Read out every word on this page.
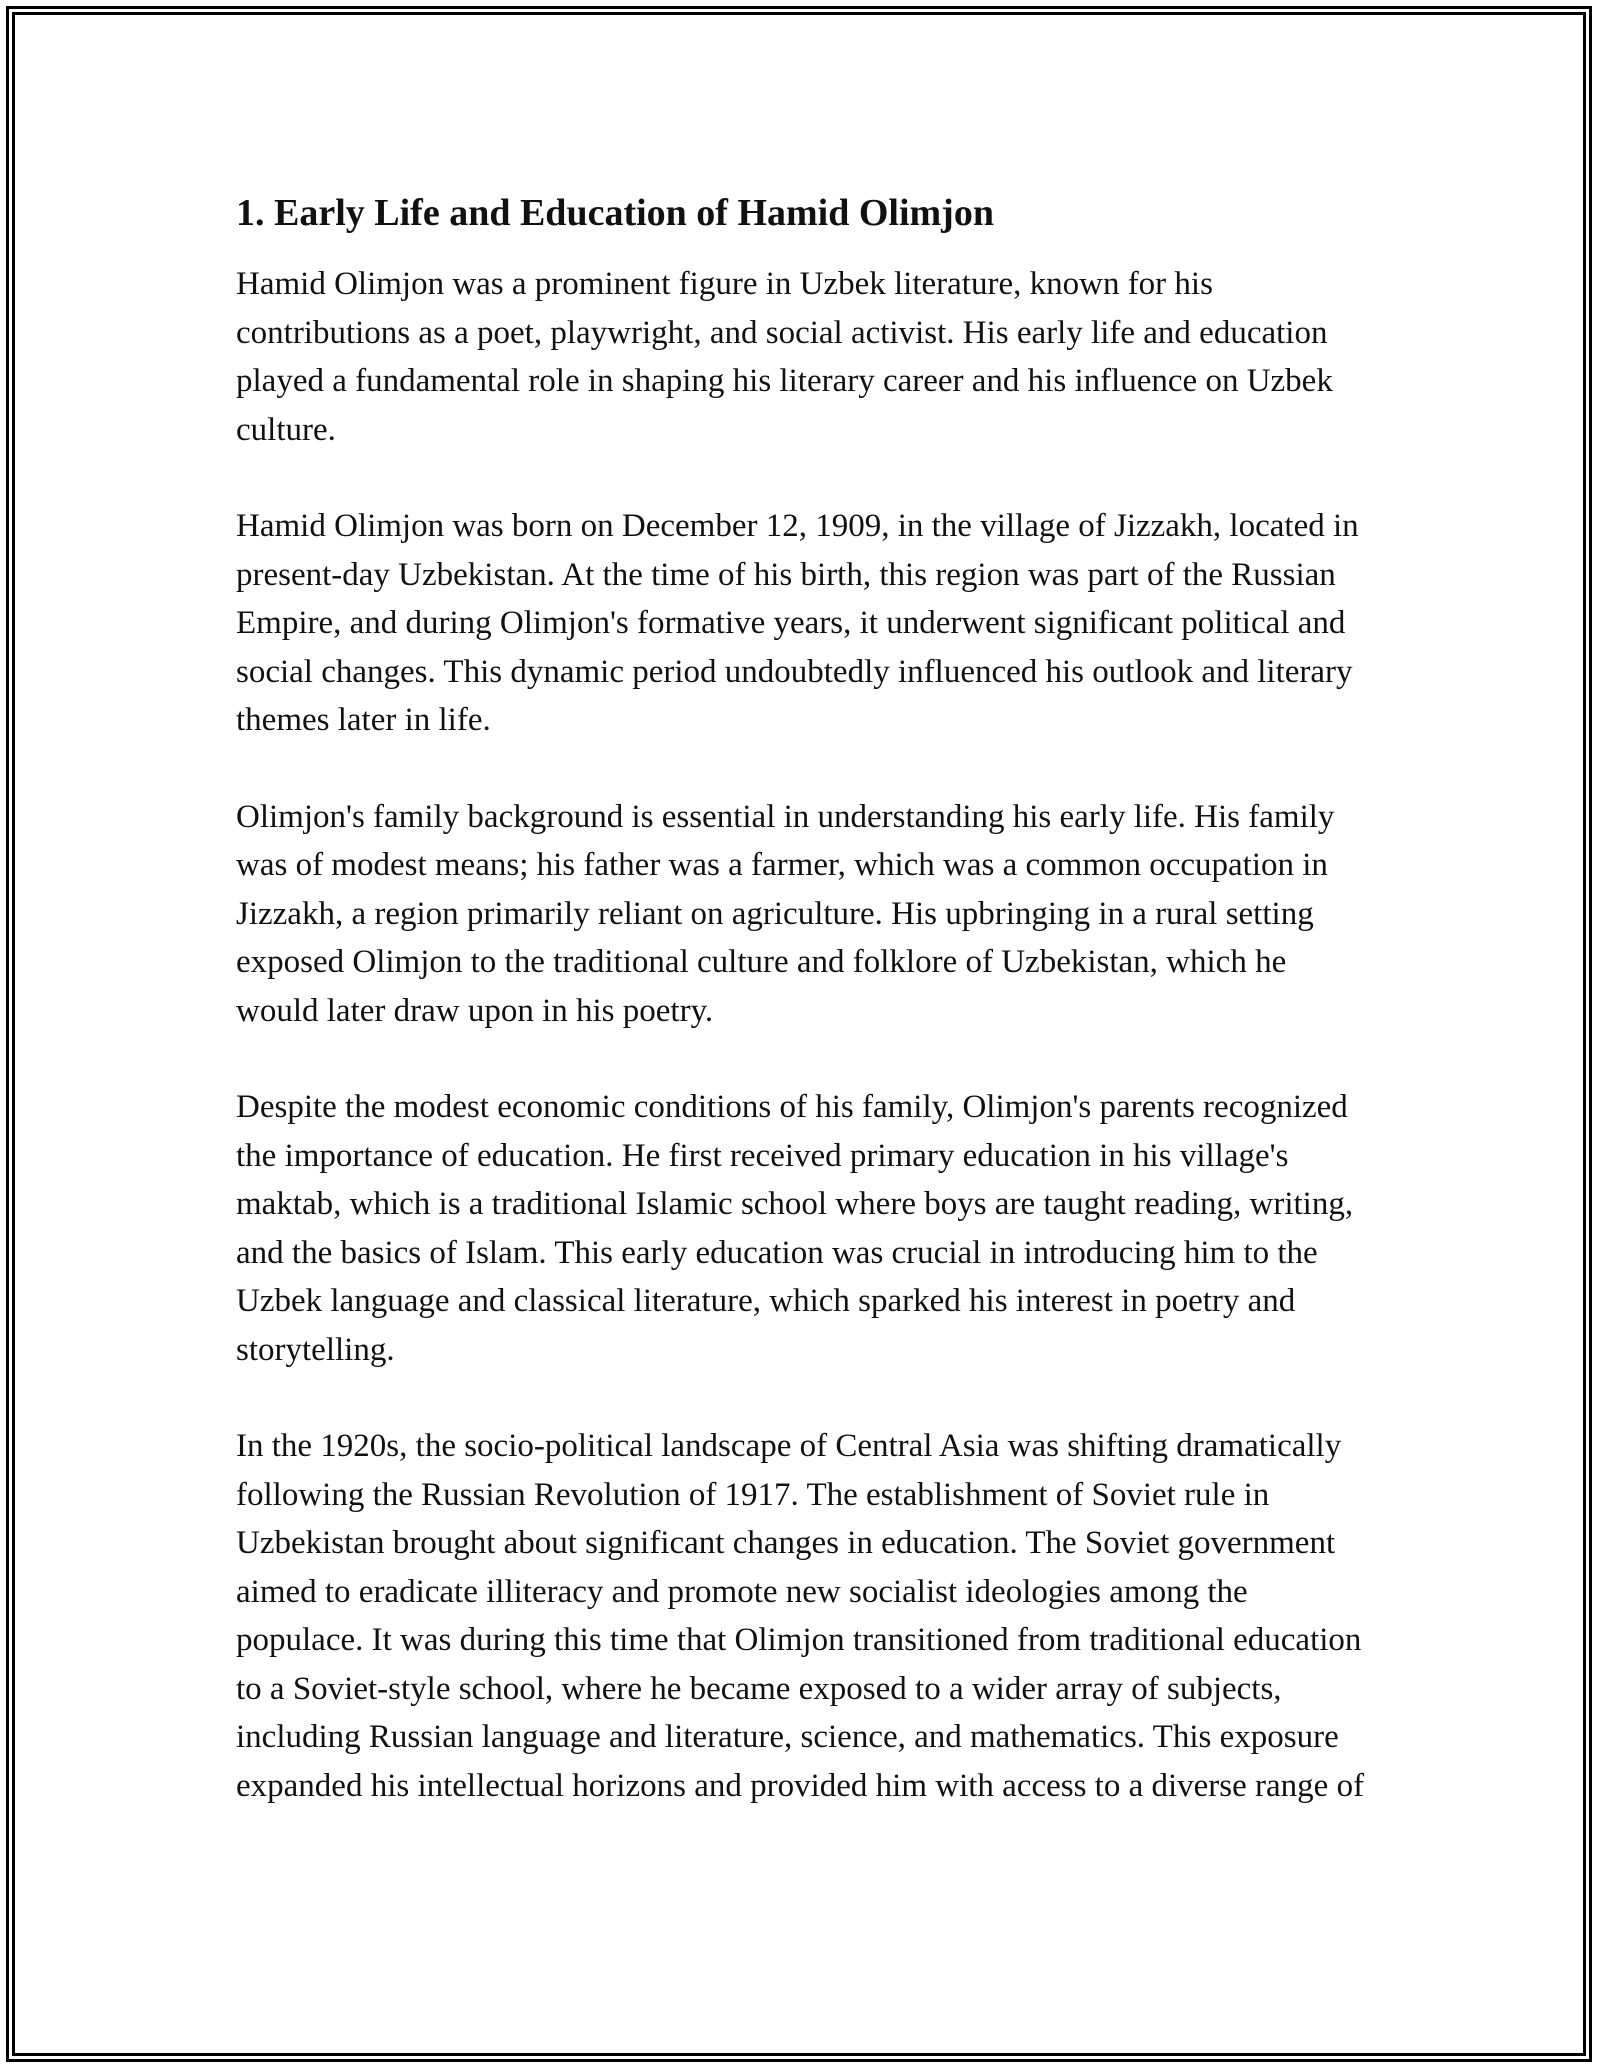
1. Early Life and Education of Hamid Olimjon

Hamid Olimjon was a prominent figure in Uzbek literature, known for his contributions as a poet, playwright, and social activist. His early life and education played a fundamental role in shaping his literary career and his influence on Uzbek culture.

Hamid Olimjon was born on December 12, 1909, in the village of Jizzakh, located in present-day Uzbekistan. At the time of his birth, this region was part of the Russian Empire, and during Olimjon's formative years, it underwent significant political and social changes. This dynamic period undoubtedly influenced his outlook and literary themes later in life.

Olimjon's family background is essential in understanding his early life. His family was of modest means; his father was a farmer, which was a common occupation in Jizzakh, a region primarily reliant on agriculture. His upbringing in a rural setting exposed Olimjon to the traditional culture and folklore of Uzbekistan, which he would later draw upon in his poetry.

Despite the modest economic conditions of his family, Olimjon's parents recognized the importance of education. He first received primary education in his village's maktab, which is a traditional Islamic school where boys are taught reading, writing, and the basics of Islam. This early education was crucial in introducing him to the Uzbek language and classical literature, which sparked his interest in poetry and storytelling.

In the 1920s, the socio-political landscape of Central Asia was shifting dramatically following the Russian Revolution of 1917. The establishment of Soviet rule in Uzbekistan brought about significant changes in education. The Soviet government aimed to eradicate illiteracy and promote new socialist ideologies among the populace. It was during this time that Olimjon transitioned from traditional education to a Soviet-style school, where he became exposed to a wider array of subjects, including Russian language and literature, science, and mathematics. This exposure expanded his intellectual horizons and provided him with access to a diverse range of
